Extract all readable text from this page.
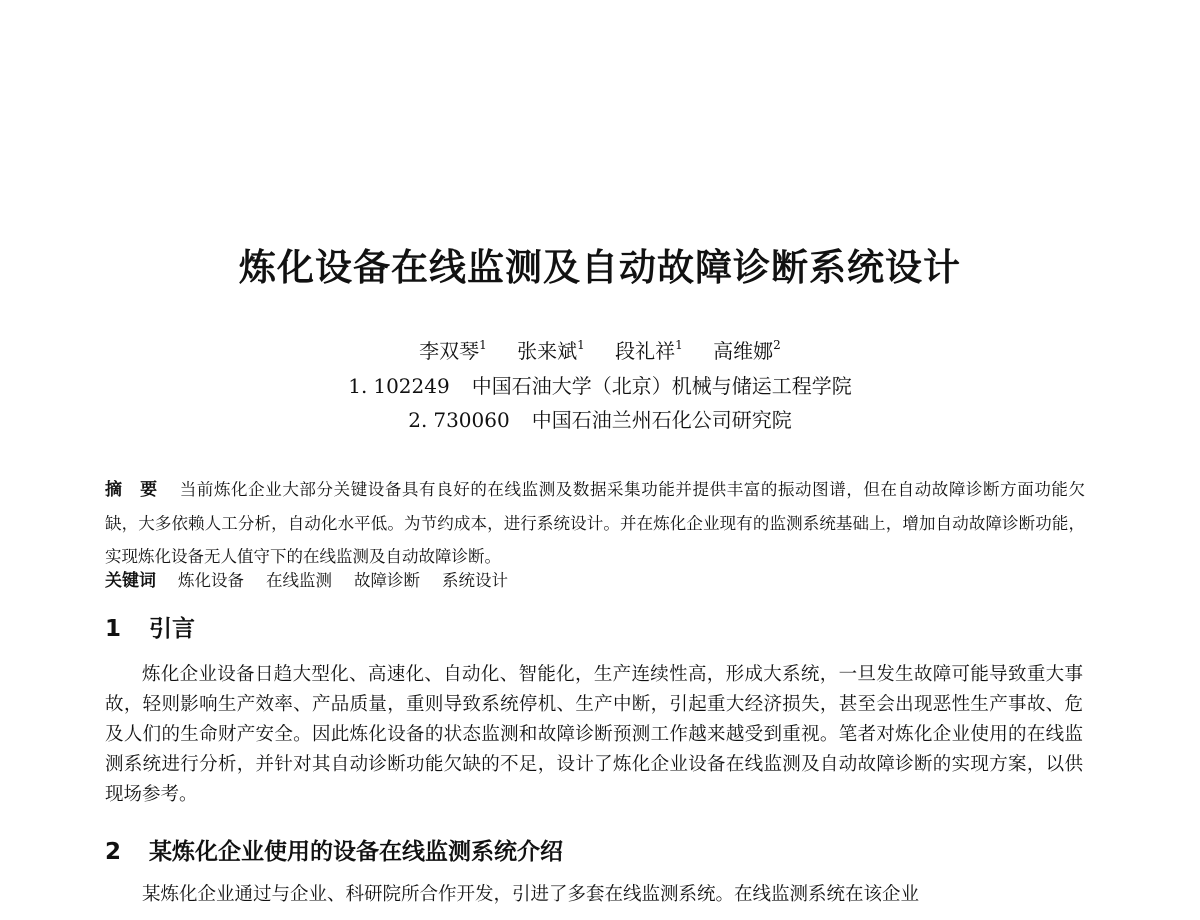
炼化设备在线监测及自动故障诊断系统设计
李双琴$^1$ 张来斌$^1$ 段礼祥$^1$ 高维娜$^2$
1. 102249 中国石油大学（北京）机械与储运工程学院
2. 730060 中国石油兰州石化公司研究院
摘　要 当前炼化企业大部分关键设备具有良好的在线监测及数据采集功能并提供丰富的振动图谱，但在自动故障诊断方面功能欠缺，大多依赖人工分析，自动化水平低。为节约成本，进行系统设计。并在炼化企业现有的监测系统基础上，增加自动故障诊断功能，实现炼化设备无人值守下的在线监测及自动故障诊断。
关键词 炼化设备 在线监测 故障诊断 系统设计
1 引言

炼化企业设备日趋大型化、高速化、自动化、智能化，生产连续性高，形成大系统，一旦发生故障可能导致重大事故，轻则影响生产效率、产品质量，重则导致系统停机、生产中断，引起重大经济损失，甚至会出现恶性生产事故、危及人们的生命财产安全。因此炼化设备的状态监测和故障诊断预测工作越来越受到重视。笔者对炼化企业使用的在线监测系统进行分析，并针对其自动诊断功能欠缺的不足，设计了炼化企业设备在线监测及自动故障诊断的实现方案，以供现场参考。

2 某炼化企业使用的设备在线监测系统介绍

某炼化企业通过与企业、科研院所合作开发，引进了多套在线监测系统。在线监测系统在该企业
